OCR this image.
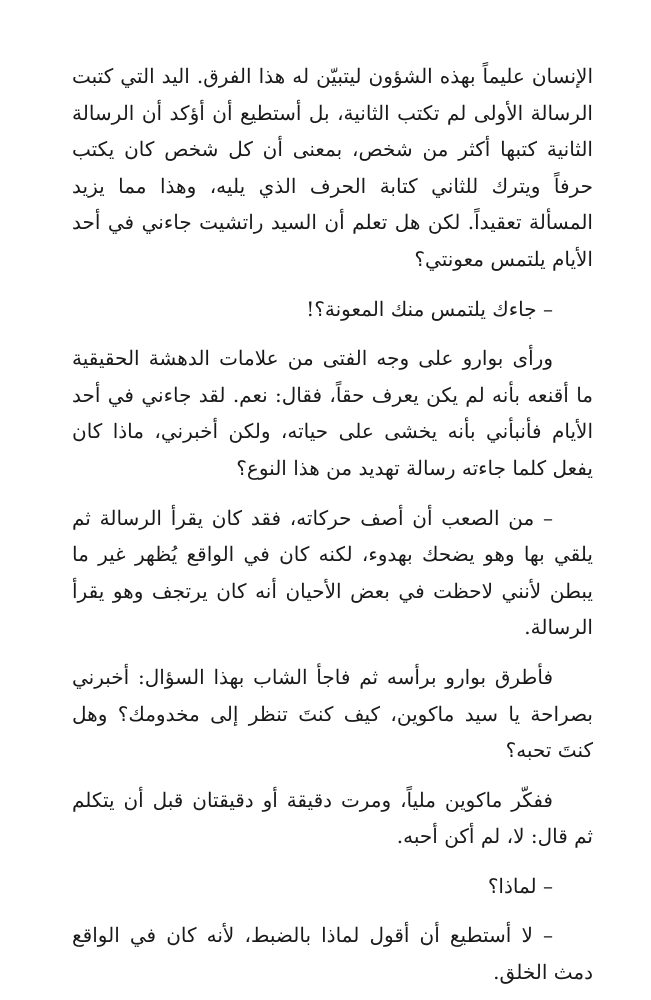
الإنسان عليماً بهذه الشؤون ليتبيّن له هذا الفرق. اليد التي كتبت الرسالة الأولى لم تكتب الثانية، بل أستطيع أن أؤكد أن الرسالة الثانية كتبها أكثر من شخص، بمعنى أن كل شخص كان يكتب حرفاً ويترك للثاني كتابة الحرف الذي يليه، وهذا مما يزيد المسألة تعقيداً. لكن هل تعلم أن السيد راتشيت جاءني في أحد الأيام يلتمس معونتي؟

– جاءك يلتمس منك المعونة؟!

ورأى بوارو على وجه الفتى من علامات الدهشة الحقيقية ما أقنعه بأنه لم يكن يعرف حقاً، فقال: نعم. لقد جاءني في أحد الأيام فأنبأني بأنه يخشى على حياته، ولكن أخبرني، ماذا كان يفعل كلما جاءته رسالة تهديد من هذا النوع؟

– من الصعب أن أصف حركاته، فقد كان يقرأ الرسالة ثم يلقي بها وهو يضحك بهدوء، لكنه كان في الواقع يُظهر غير ما يبطن لأنني لاحظت في بعض الأحيان أنه كان يرتجف وهو يقرأ الرسالة.

فأطرق بوارو برأسه ثم فاجأ الشاب بهذا السؤال: أخبرني بصراحة يا سيد ماكوين، كيف كنتَ تنظر إلى مخدومك؟ وهل كنتَ تحبه؟

ففكّر ماكوين ملياً، ومرت دقيقة أو دقيقتان قبل أن يتكلم ثم قال: لا، لم أكن أحبه.

– لماذا؟

– لا أستطيع أن أقول لماذا بالضبط، لأنه كان في الواقع دمث الخلق.
